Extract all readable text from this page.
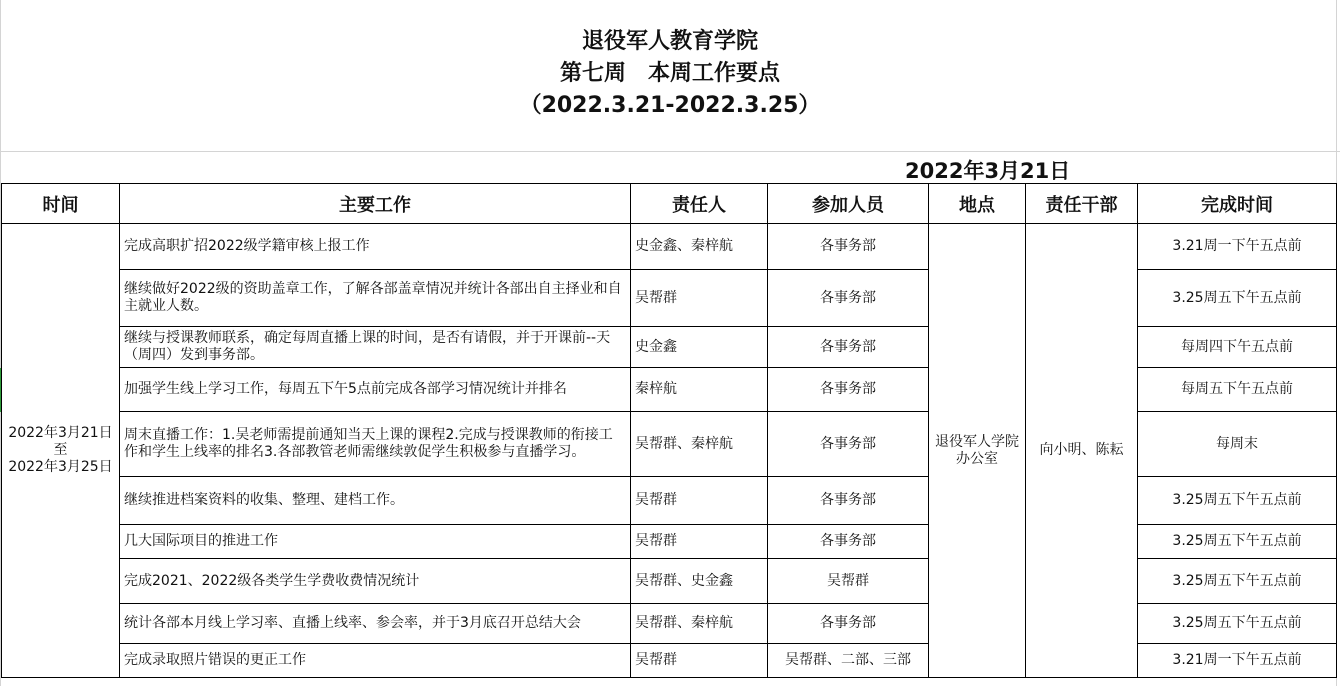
退役军人教育学院
第七周　本周工作要点
（2022.3.21-2022.3.25）
2022年3月21日
时间	主要工作	责任人	参加人员	地点	责任干部	完成时间

2022年3月21日
至
2022年3月25日	完成高职扩招2022级学籍审核上报工作	史金鑫、秦梓航	各事务部	退役军人学院办公室	向小明、陈耘	3.21周一下午五点前
	继续做好2022级的资助盖章工作，了解各部盖章情况并统计各部出自主择业和自主就业人数。	吴帮群	各事务部			3.25周五下午五点前
	继续与授课教师联系，确定每周直播上课的时间，是否有请假，并于开课前--天（周四）发到事务部。	史金鑫	各事务部			每周四下午五点前
	加强学生线上学习工作，每周五下午5点前完成各部学习情况统计并排名	秦梓航	各事务部			每周五下午五点前
	周末直播工作：1.吴老师需提前通知当天上课的课程2.完成与授课教师的衔接工作和学生上线率的排名3.各部教管老师需继续敦促学生积极参与直播学习。	吴帮群、秦梓航	各事务部			每周末
	继续推进档案资料的收集、整理、建档工作。	吴帮群	各事务部			3.25周五下午五点前
	几大国际项目的推进工作	吴帮群	各事务部			3.25周五下午五点前
	完成2021、2022级各类学生学费收费情况统计	吴帮群、史金鑫	吴帮群			3.25周五下午五点前
	统计各部本月线上学习率、直播上线率、参会率，并于3月底召开总结大会	吴帮群、秦梓航	各事务部			3.25周五下午五点前
	完成录取照片错误的更正工作	吴帮群	吴帮群、二部、三部			3.21周一下午五点前
